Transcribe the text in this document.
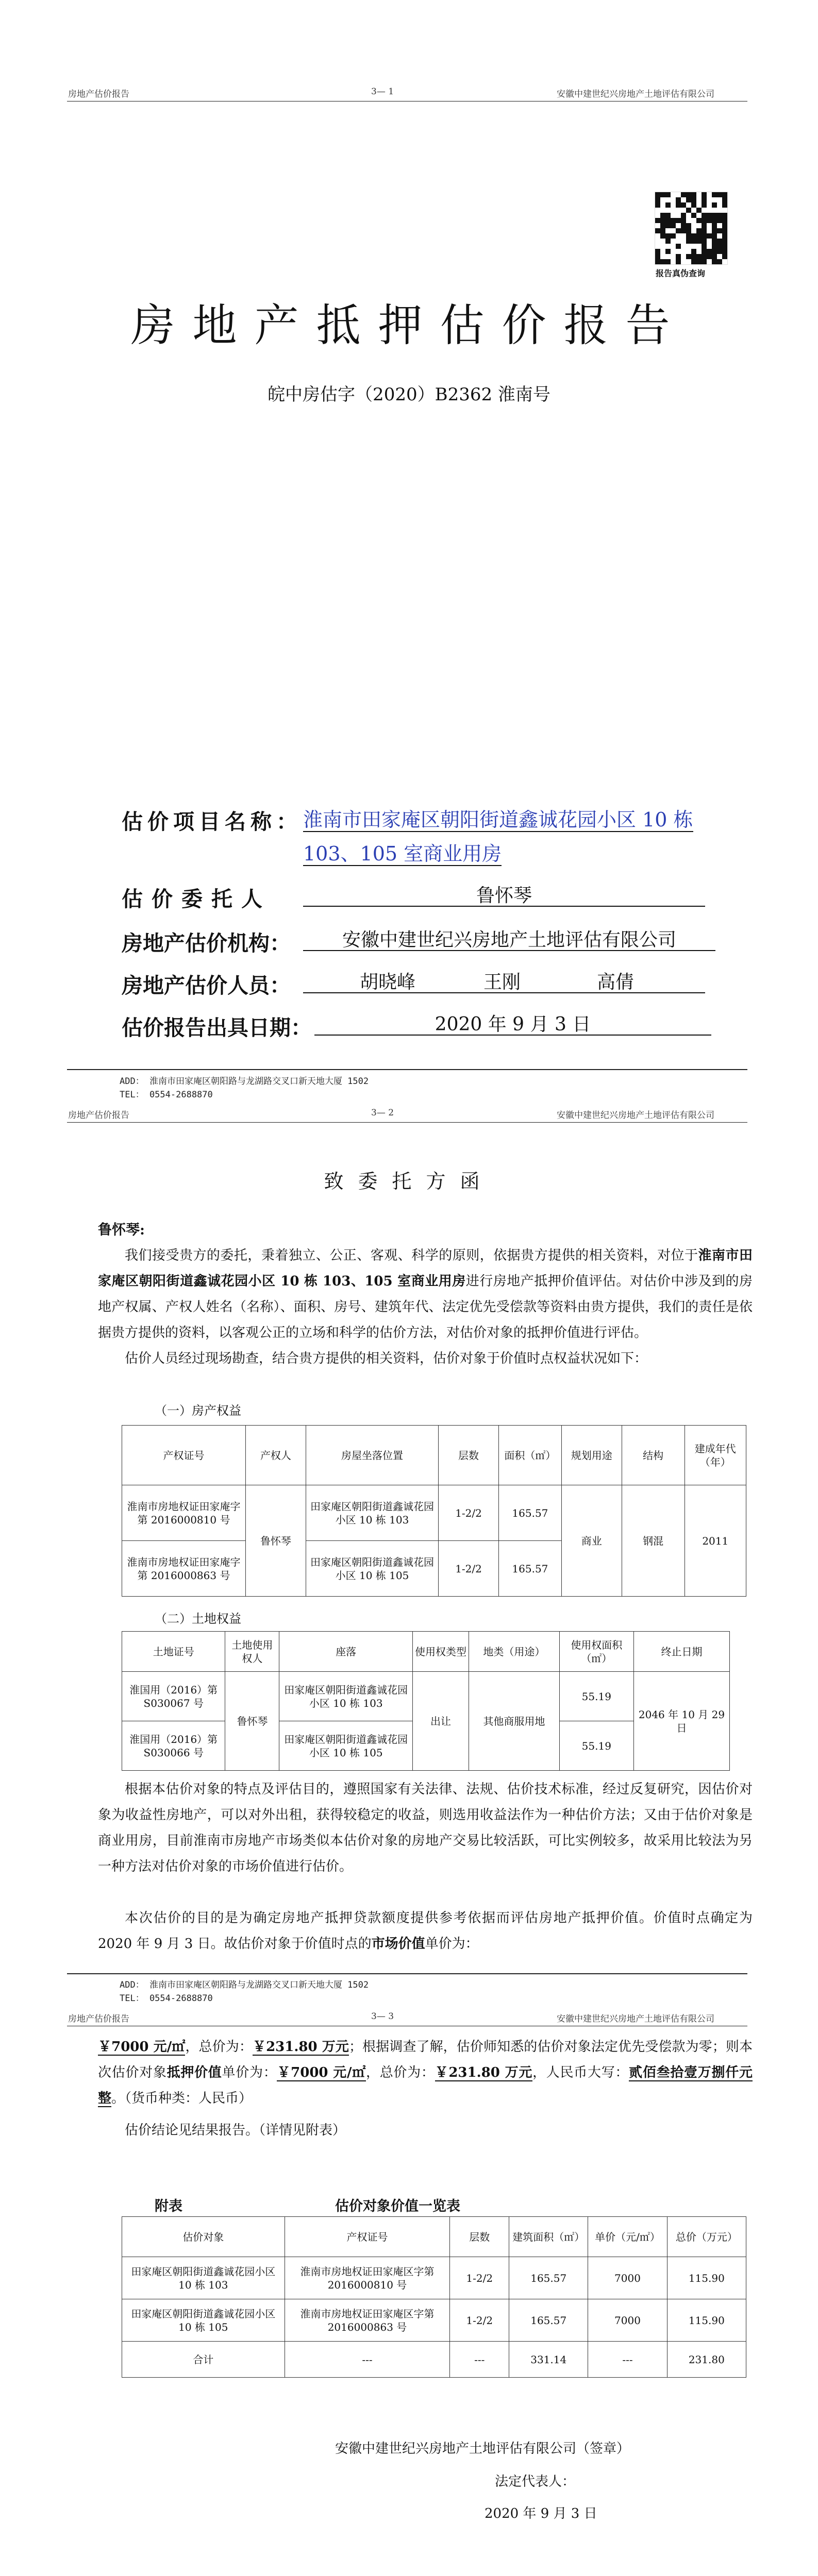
房地产估价报告	3— 1	安徽中建世纪兴房地产土地评估有限公司
报告真伪查询
房地产抵押估价报告
皖中房估字（2020）B2362 淮南号
估价项目名称： 淮南市田家庵区朝阳街道鑫诚花园小区 10 栋 103、105 室商业用房
估价委托人	鲁怀琴
房地产估价机构：	安徽中建世纪兴房地产土地评估有限公司
房地产估价人员：	胡晓峰	王刚	高倩
估价报告出具日期：	2020 年 9 月 3 日
ADD： 淮南市田家庵区朝阳路与龙湖路交叉口新天地大厦 1502
TEL： 0554-2688870
房地产估价报告	3— 2	安徽中建世纪兴房地产土地评估有限公司
致委托方函
鲁怀琴:
我们接受贵方的委托，秉着独立、公正、客观、科学的原则，依据贵方提供的相关资料，对位于淮南市田家庵区朝阳街道鑫诚花园小区 10 栋 103、105 室商业用房进行房地产抵押价值评估。对估价中涉及到的房地产权属、产权人姓名（名称）、面积、房号、建筑年代、法定优先受偿款等资料由贵方提供，我们的责任是依据贵方提供的资料，以客观公正的立场和科学的估价方法，对估价对象的抵押价值进行评估。
估价人员经过现场勘查，结合贵方提供的相关资料，估价对象于价值时点权益状况如下：
（一）房产权益
产权证号	产权人	房屋坐落位置	层数	面积（㎡）	规划用途	结构	建成年代（年）
淮南市房地权证田家庵字第 2016000810 号	鲁怀琴	田家庵区朝阳街道鑫诚花园小区 10 栋 103	1-2/2	165.57	商业	钢混	2011
淮南市房地权证田家庵字第 2016000863 号		田家庵区朝阳街道鑫诚花园小区 10 栋 105	1-2/2	165.57			
（二）土地权益
土地证号	土地使用权人	座落	使用权类型	地类（用途）	使用权面积（㎡）	终止日期
淮国用（2016）第 S030067 号	鲁怀琴	田家庵区朝阳街道鑫诚花园小区 10 栋 103	出让	其他商服用地	55.19	2046 年 10 月 29 日
淮国用（2016）第 S030066 号		田家庵区朝阳街道鑫诚花园小区 10 栋 105			55.19	
根据本估价对象的特点及评估目的，遵照国家有关法律、法规、估价技术标准，经过反复研究，因估价对象为收益性房地产，可以对外出租，获得较稳定的收益，则选用收益法作为一种估价方法；又由于估价对象是商业用房，目前淮南市房地产市场类似本估价对象的房地产交易比较活跃，可比实例较多，故采用比较法为另一种方法对估价对象的市场价值进行估价。
本次估价的目的是为确定房地产抵押贷款额度提供参考依据而评估房地产抵押价值。价值时点确定为 2020 年 9 月 3 日。故估价对象于价值时点的市场价值单价为：
ADD： 淮南市田家庵区朝阳路与龙湖路交叉口新天地大厦 1502
TEL： 0554-2688870
房地产估价报告	3— 3	安徽中建世纪兴房地产土地评估有限公司
￥7000 元/㎡，总价为：￥231.80 万元；根据调查了解，估价师知悉的估价对象法定优先受偿款为零；则本次估价对象抵押价值单价为：￥7000 元/㎡，总价为：￥231.80 万元，人民币大写：贰佰叁拾壹万捌仟元整。（货币种类：人民币）
估价结论见结果报告。（详情见附表）
附表	估价对象价值一览表
估价对象	产权证号	层数	建筑面积（㎡）	单价（元/㎡）	总价（万元）
田家庵区朝阳街道鑫诚花园小区 10 栋 103	淮南市房地权证田家庵区字第 2016000810 号	1-2/2	165.57	7000	115.90
田家庵区朝阳街道鑫诚花园小区 10 栋 105	淮南市房地权证田家庵区字第 2016000863 号	1-2/2	165.57	7000	115.90
合计	---	---	331.14	---	231.80
安徽中建世纪兴房地产土地评估有限公司（签章）
法定代表人：
2020 年 9 月 3 日
